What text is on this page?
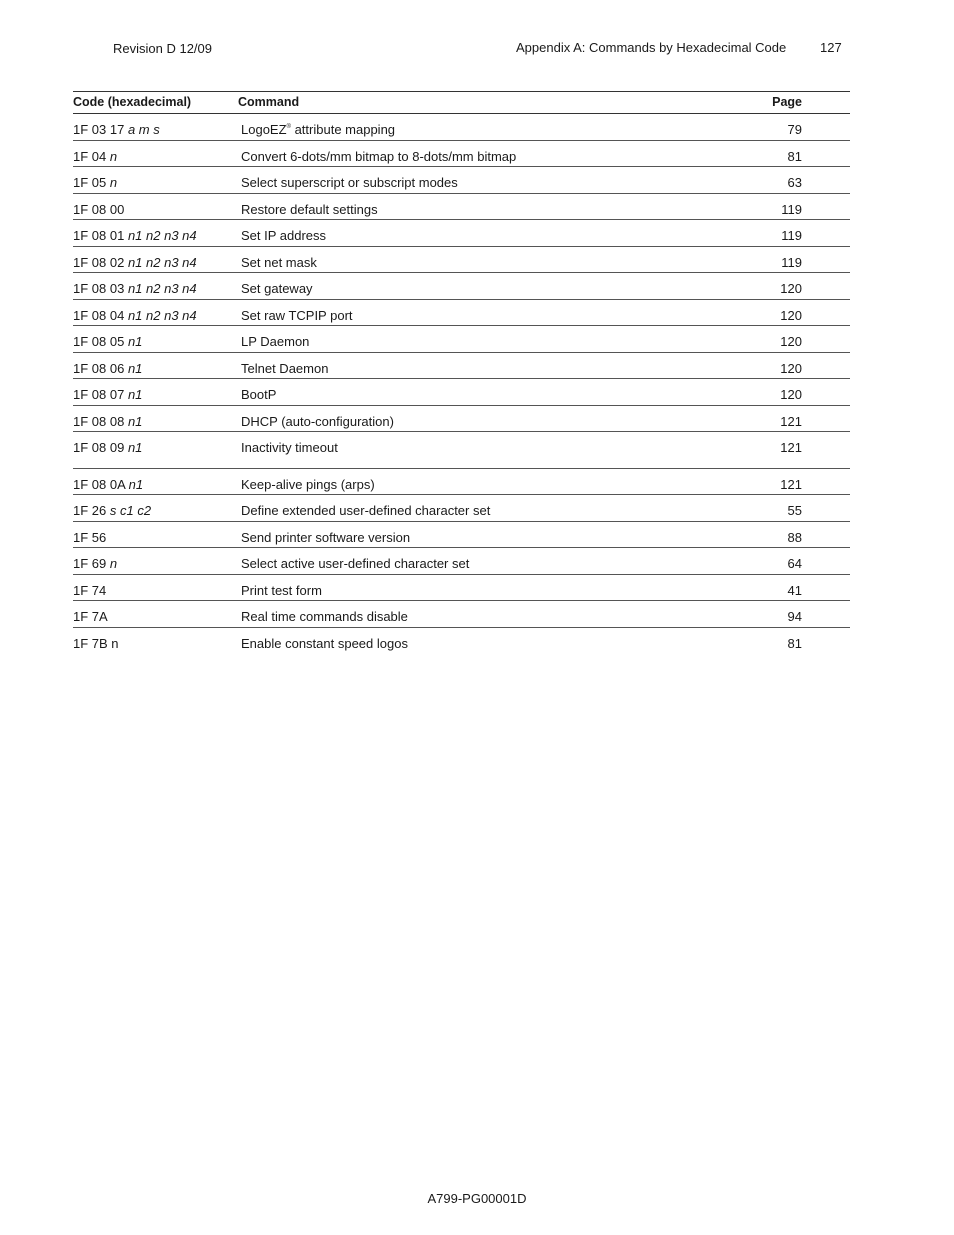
Revision D 12/09	Appendix A: Commands by Hexadecimal Code	127
Code (hexadecimal)	Command	Page
1F 03 17 a m s	LogoEZ® attribute mapping	79
1F 04 n	Convert 6-dots/mm bitmap to 8-dots/mm bitmap	81
1F 05 n	Select superscript or subscript modes	63
1F 08 00	Restore default settings	119
1F 08 01 n1 n2 n3 n4	Set IP address	119
1F 08 02 n1 n2 n3 n4	Set net mask	119
1F 08 03 n1 n2 n3 n4	Set gateway	120
1F 08 04 n1 n2 n3 n4	Set raw TCPIP port	120
1F 08 05 n1	LP Daemon	120
1F 08 06 n1	Telnet Daemon	120
1F 08 07 n1	BootP	120
1F 08 08 n1	DHCP (auto-configuration)	121
1F 08 09 n1	Inactivity timeout	121
1F 08 0A n1	Keep-alive pings (arps)	121
1F 26 s c1 c2	Define extended user-defined character set	55
1F 56	Send printer software version	88
1F 69 n	Select active user-defined character set	64
1F 74	Print test form	41
1F 7A	Real time commands disable	94
1F 7B n	Enable constant speed logos	81
A799-PG00001D
